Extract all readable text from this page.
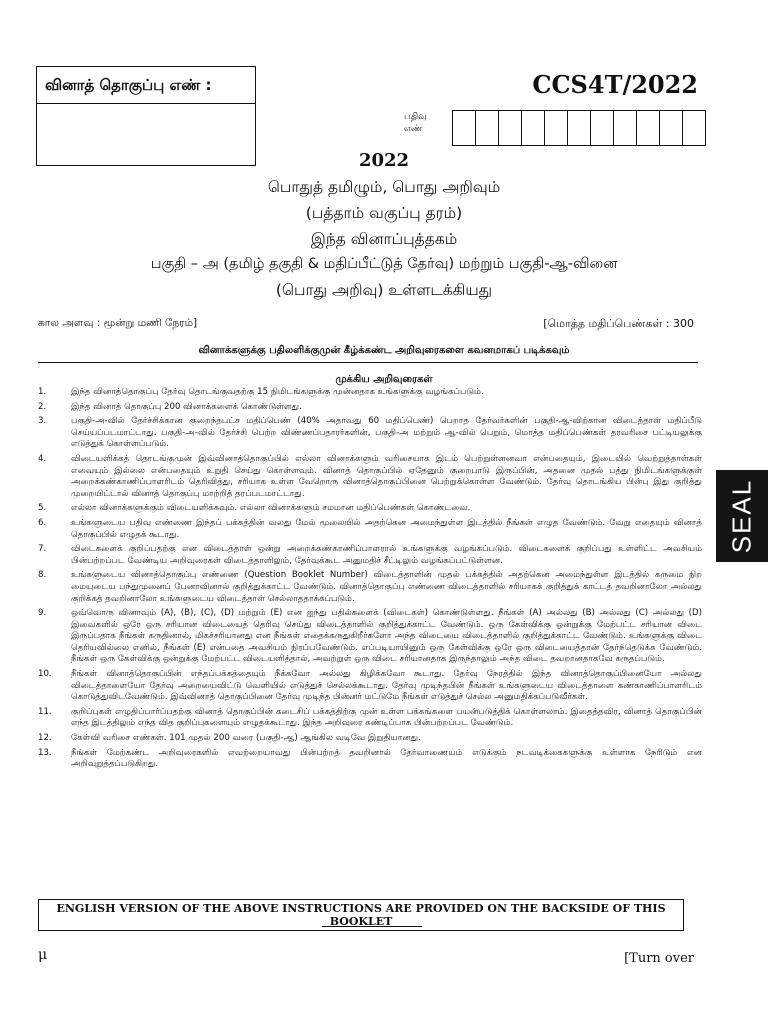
வினாத் தொகுப்பு எண் :	CCS4T/2022
பதிவு எண்
2022
பொதுத் தமிழும், பொது அறிவும்
(பத்தாம் வகுப்பு தரம்)
இந்த வினாப்புத்தகம்
பகுதி – அ (தமிழ் தகுதி & மதிப்பீட்டுத் தேர்வு) மற்றும் பகுதி-ஆ-வினை
(பொது அறிவு) உள்ளடக்கியது
கால அளவு : மூன்று மணி நேரம்]	[மொத்த மதிப்பெண்கள் : 300
வினாக்களுக்கு பதிலளிக்குமுன் கீழ்க்கண்ட அறிவுரைகளை கவனமாகப் படிக்கவும்
முக்கிய அறிவுரைகள்
1.	இந்த வினாத்தொகுப்பு தேர்வு தொடங்குவதற்கு 15 நிமிடங்களுக்கு முன்னதாக உங்களுக்கு வழங்கப்படும்.
2.	இந்த வினாத் தொகுப்பு 200 வினாக்களைக் கொண்டுள்ளது.
3.	பகுதி-அ-வில் தேர்ச்சிக்கான குறைந்தபட்ச மதிப்பெண் (40% அதாவது 60 மதிப்பெண்) பெறாத தேர்வர்களின் பகுதி-ஆ-விற்கான விடைத்தாள் மதிப்பீடு செய்யப்படமாட்டாது. பகுதி-அ-வில் தேர்ச்சி பெற்ற விண்ணப்பதாரர்களின், பகுதி-அ மற்றும் ஆ-வில் பெறும், மொத்த மதிப்பெண்கள் தரவரிசை பட்டியலுக்கு எடுத்துக் கொள்ளப்படும்.
4.	விடையளிக்கத் தொடங்குமுன் இவ்வினாத்தொகுப்பில் எல்லா வினாக்களும் வரிசையாக இடம் பெற்றுள்ளனவா என்பதையும், இடையில் வெற்றுத்தாள்கள் எவையும் இல்லை என்பதையும் உறுதி செய்து கொள்ளவும். வினாத் தொகுப்பில் ஏதேனும் குறைபாடு இருப்பின், அதனை முதல் பத்து நிமிடங்களுக்குள் அறைக்கண்காணிப்பாளரிடம் தெரிவித்து, சரியாக உள்ள வேறொரு வினாத்தொகுப்பினை பெற்றுக்கொள்ள வேண்டும். தேர்வு தொடங்கிய பின்பு இது குறித்து முறையிட்டால் வினாத் தொகுப்பு மாற்றித் தரப்படமாட்டாது.
5.	எல்லா வினாக்களுக்கும் விடையளிக்கவும். எல்லா வினாக்களும் சமமான மதிப்பெண்கள் கொண்டவை.
6.	உங்களுடைய பதிவு எண்ணை இந்தப் பக்கத்தின் வலது மேல் மூலையில் அதற்கென அமைந்துள்ள இடத்தில் நீங்கள் எழுத வேண்டும். வேறு எதையும் வினாத் தொகுப்பில் எழுதக் கூடாது.
7.	விடைகளைக் குறிப்பதற்கு என விடைத்தாள் ஒன்று அறைக்கண்காணிப்பாளரால் உங்களுக்கு வழங்கப்படும். விடைகளைக் குறிப்பது உள்ளிட்ட அவசியம் பின்பற்றப்பட வேண்டிய அறிவுரைகள் விடைத்தாளிலும், தேர்வுக்கூட அனுமதிச் சீட்டிலும் வழங்கப்பட்டுள்ளன.
8.	உங்களுடைய வினாத்தொகுப்பு எண்ணை (Question Booklet Number) விடைத்தாளின் முதல் பக்கத்தில் அதற்கென அமைந்துள்ள இடத்தில் கருமை நிற மையுடைய பந்துமுனைப் பேனாவினால் குறித்துக்காட்ட வேண்டும். வினாத்தொகுப்பு எண்ணை விடைத்தாளில் சரியாகக் குறித்துக் காட்டத் தவறினாலோ அல்லது குறிக்கத் தவறினாலோ உங்களுடைய விடைத்தாள் செல்லாததாக்கப்படும்.
9.	ஒவ்வொரு வினாவும் (A), (B), (C), (D) மற்றும் (E) என ஐந்து பதில்களைக் (விடைகள்) கொண்டுள்ளது. நீங்கள் (A) அல்லது (B) அல்லது (C) அல்லது (D) இவைகளில் ஒரே ஒரு சரியான விடையைத் தெரிவு செய்து விடைத்தாளில் குறித்துக்காட்ட வேண்டும். ஒரு கேள்விக்கு ஒன்றுக்கு மேற்பட்ட சரியான விடை இருப்பதாக நீங்கள் கருதினால், மிகச்சரியானது என நீங்கள் எதைக்கருதுகிறீர்களோ அந்த விடையை விடைத்தாளில் குறித்துக்காட்ட வேண்டும். உங்களுக்கு விடை தெரியவில்லை எனில், நீங்கள் (E) என்பதை அவசியம் நிரப்பவேண்டும். எப்படியாயினும் ஒரு கேள்விக்கு ஒரே ஒரு விடையைத்தான் தேர்ந்தெடுக்க வேண்டும். நீங்கள் ஒரு கேள்விக்கு ஒன்றுக்கு மேற்பட்ட விடையளித்தால், அவற்றுள் ஒரு விடை சரியானதாக இருந்தாலும் அந்த விடை தவறானதாகவே கருதப்படும்.
10.	நீங்கள் வினாத்தொகுப்பின் எந்தப்பக்கத்தையும் நீக்கவோ அல்லது கிழிக்கவோ கூடாது. தேர்வு நேரத்தில் இந்த வினாத்தொகுப்பினையோ அல்லது விடைத்தாளையோ தேர்வு அறையைவிட்டு வெளியில் எடுத்துச் செல்லக்கூடாது. தேர்வு முடிந்தபின் நீங்கள் உங்களுடைய விடைத்தாளை கண்காணிப்பாளரிடம் கொடுத்துவிடவேண்டும். இவ்வினாத் தொகுப்பினை தேர்வு முடிந்த பின்னர் மட்டுமே நீங்கள் எடுத்துச் செல்ல அனுமதிக்கப்படுவீர்கள்.
11.	குறிப்புகள் எழுதிப்பார்ப்பதற்கு வினாத் தொகுப்பின் கடைசிப் பக்கத்திற்கு முன் உள்ள பக்கங்களை பயன்படுத்திக் கொள்ளலாம். இதைத்தவிர, வினாத் தொகுப்பின் எந்த இடத்திலும் எந்த வித குறிப்புகளையும் எழுதக்கூடாது. இந்த அறிவுரை கண்டிப்பாக பின்பற்றப்பட வேண்டும்.
12.	கேள்வி வரிசை எண்கள். 101 முதல் 200 வரை (பகுதி-ஆ) ஆங்கில வடிவே இறுதியானது.
13.	நீங்கள் மேற்கண்ட அறிவுரைகளில் எவற்றையாவது பின்பற்றத் தவறினால் தேர்வாணையம் எடுக்கும் நடவடிக்கைகளுக்கு உள்ளாக நேரிடும் என அறிவுறுத்தப்படுகிறது.
ENGLISH VERSION OF THE ABOVE INSTRUCTIONS ARE PROVIDED ON THE BACKSIDE OF THIS BOOKLET
μ	[Turn over
SEAL
